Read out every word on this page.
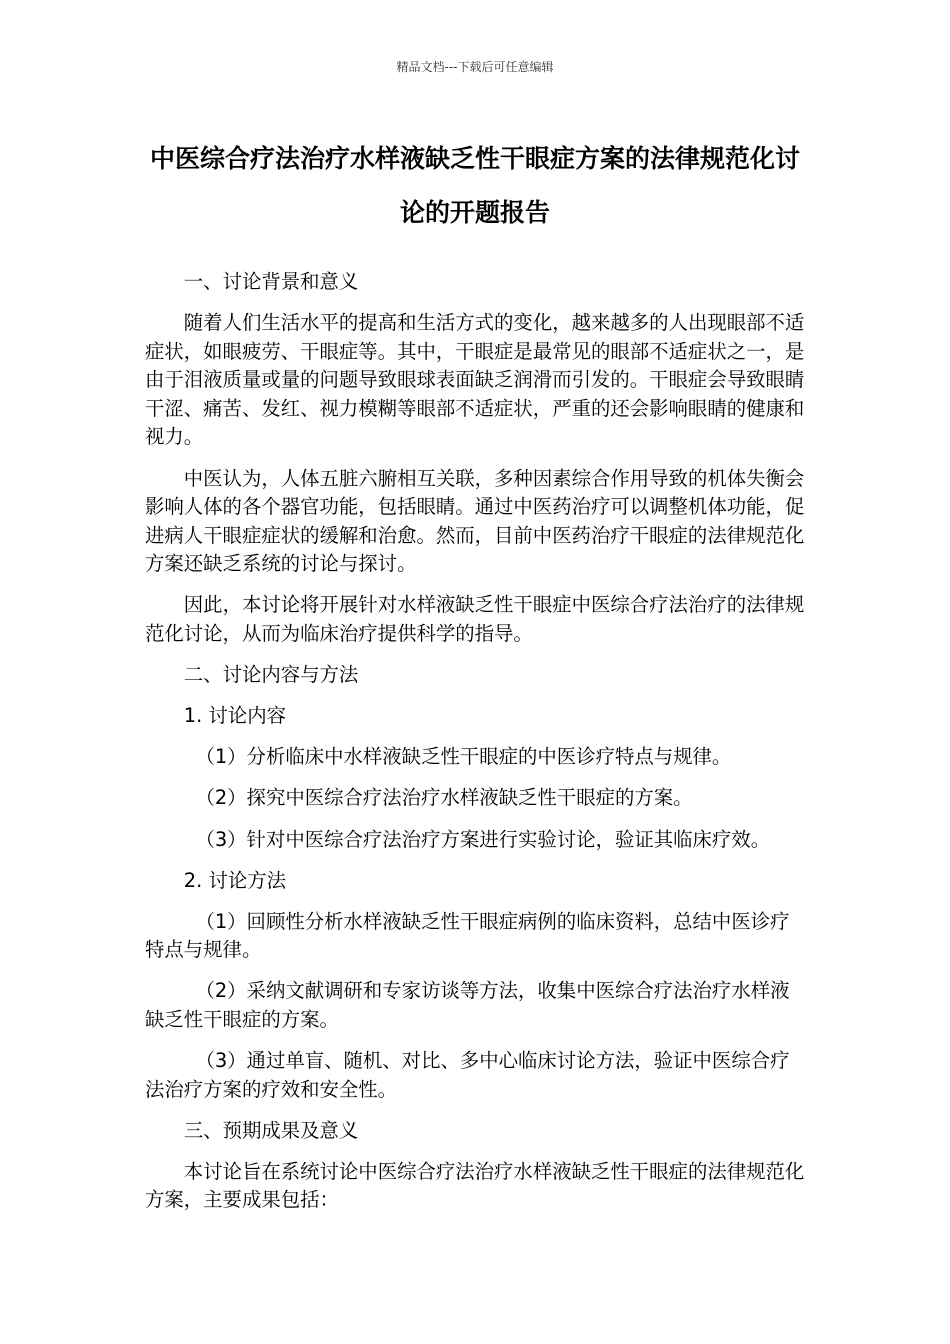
精品文档---下载后可任意编辑
中医综合疗法治疗水样液缺乏性干眼症方案的法律规范化讨论的开题报告

一、讨论背景和意义

随着人们生活水平的提高和生活方式的变化，越来越多的人出现眼部不适症状，如眼疲劳、干眼症等。其中，干眼症是最常见的眼部不适症状之一，是由于泪液质量或量的问题导致眼球表面缺乏润滑而引发的。干眼症会导致眼睛干涩、痛苦、发红、视力模糊等眼部不适症状，严重的还会影响眼睛的健康和视力。

中医认为，人体五脏六腑相互关联，多种因素综合作用导致的机体失衡会影响人体的各个器官功能，包括眼睛。通过中医药治疗可以调整机体功能，促进病人干眼症症状的缓解和治愈。然而，目前中医药治疗干眼症的法律规范化方案还缺乏系统的讨论与探讨。

因此，本讨论将开展针对水样液缺乏性干眼症中医综合疗法治疗的法律规范化讨论，从而为临床治疗提供科学的指导。

二、讨论内容与方法

1. 讨论内容

（1）分析临床中水样液缺乏性干眼症的中医诊疗特点与规律。

（2）探究中医综合疗法治疗水样液缺乏性干眼症的方案。

（3）针对中医综合疗法治疗方案进行实验讨论，验证其临床疗效。

2. 讨论方法

（1）回顾性分析水样液缺乏性干眼症病例的临床资料，总结中医诊疗特点与规律。

（2）采纳文献调研和专家访谈等方法，收集中医综合疗法治疗水样液缺乏性干眼症的方案。

（3）通过单盲、随机、对比、多中心临床讨论方法，验证中医综合疗法治疗方案的疗效和安全性。

三、预期成果及意义

本讨论旨在系统讨论中医综合疗法治疗水样液缺乏性干眼症的法律规范化方案，主要成果包括：
